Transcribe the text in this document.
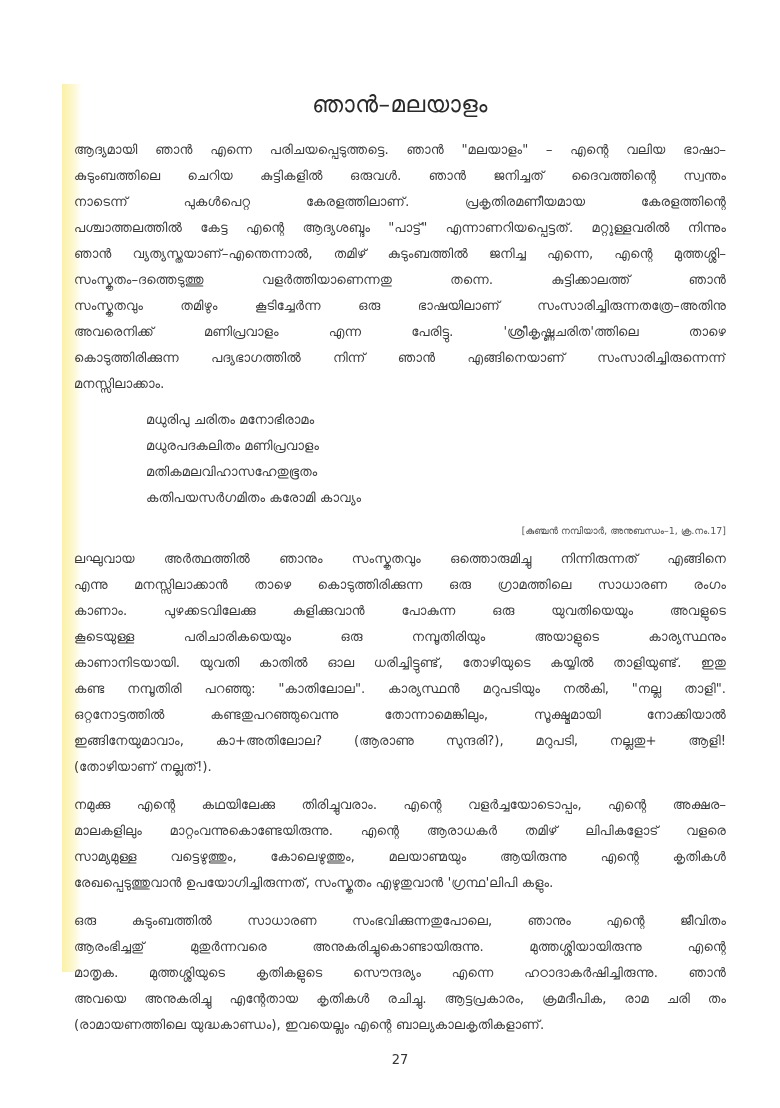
ഞാൻ–മലയാളം

ആദ്യമായി ഞാൻ എന്നെ പരിചയപ്പെടുത്തട്ടെ. ഞാൻ "മലയാളം" – എന്റെ വലിയ ഭാഷാ–
കുടുംബത്തിലെ ചെറിയ കുട്ടികളിൽ ഒരുവൾ. ഞാൻ ജനിച്ചത് ദൈവത്തിന്റെ സ്വന്തം
നാടെന്ന് പുകൾപെറ്റ കേരളത്തിലാണ്. പ്രകൃതിരമണീയമായ കേരളത്തിന്റെ
പശ്ചാത്തലത്തിൽ കേട്ട എന്റെ ആദ്യശബ്ദം "പാട്ട്" എന്നാണറിയപ്പെട്ടത്. മറ്റുള്ളവരിൽ നിന്നും
ഞാൻ വ്യത്യസ്തയാണ്–എന്തെന്നാൽ, തമിഴ് കുടുംബത്തിൽ ജനിച്ച എന്നെ, എന്റെ മുത്തശ്ശി–
സംസ്കൃതം–ദത്തെടുത്തു വളർത്തിയാണെന്നതു തന്നെ. കുട്ടിക്കാലത്ത് ഞാൻ
സംസ്കൃതവും തമിഴും കൂടിച്ചേർന്ന ഒരു ഭാഷയിലാണ് സംസാരിച്ചിരുന്നതത്രേ–അതിനു
അവരെനിക്ക് മണിപ്രവാളം എന്ന പേരിട്ടു. 'ശ്രീകൃഷ്ണചരിത'ത്തിലെ താഴെ
കൊടുത്തിരിക്കുന്ന പദ്യഭാഗത്തിൽ നിന്ന് ഞാൻ എങ്ങിനെയാണ് സംസാരിച്ചിരുന്നെന്ന്
മനസ്സിലാക്കാം.

മധുരിപു ചരിതം മനോഭിരാമം
മധുരപദകലിതം മണിപ്രവാളം
മതികമലവിഹാസഹേതുഭൂതം
കതിപയസർഗമിതം കരോമി കാവ്യം
[കുഞ്ചൻ നമ്പിയാർ, അനുബന്ധം–1, ക്ര.നം.17]

ലഘുവായ അർത്ഥത്തിൽ ഞാനും സംസ്കൃതവും ഒത്തൊരുമിച്ചു നിന്നിരുന്നത് എങ്ങിനെ
എന്നു മനസ്സിലാക്കാൻ താഴെ കൊടുത്തിരിക്കുന്ന ഒരു ഗ്രാമത്തിലെ സാധാരണ രംഗം
കാണാം. പുഴക്കടവിലേക്കു കുളിക്കുവാൻ പോകുന്ന ഒരു യുവതിയെയും അവളുടെ
കൂടെയുള്ള പരിചാരികയെയും ഒരു നമ്പൂതിരിയും അയാളുടെ കാര്യസ്ഥനും
കാണാനിടയായി. യുവതി കാതിൽ ഓല ധരിച്ചിട്ടുണ്ട്, തോഴിയുടെ കയ്യിൽ താളിയുണ്ട്. ഇതു
കണ്ട നമ്പൂതിരി പറഞ്ഞു: "കാതിലോല". കാര്യസ്ഥൻ മറുപടിയും നൽകി, "നല്ല താളി".
ഒറ്റനോട്ടത്തിൽ കണ്ടതുപറഞ്ഞുവെന്നു തോന്നാമെങ്കിലും, സൂക്ഷ്മമായി നോക്കിയാൽ
ഇങ്ങിനേയുമാവാം, കാ+അതിലോല? (ആരാണു സുന്ദരി?), മറുപടി, നല്ലതു+ ആളി!
(തോഴിയാണ് നല്ലത്!).

നമുക്കു എന്റെ കഥയിലേക്കു തിരിച്ചുവരാം. എന്റെ വളർച്ചയോടൊപ്പം, എന്റെ അക്ഷര–
മാലകളിലും മാറ്റംവന്നുകൊണ്ടേയിരുന്നു. എന്റെ ആരാധകർ തമിഴ് ലിപികളോട് വളരെ
സാമ്യമുള്ള വട്ടെഴുത്തും, കോലെഴുത്തും, മലയാണ്മയും ആയിരുന്നു എന്റെ കൃതികൾ
രേഖപ്പെടുത്തുവാൻ ഉപയോഗിച്ചിരുന്നത്, സംസ്കൃതം എഴുതുവാൻ 'ഗ്രന്ഥ'ലിപി കളും.

ഒരു കുടുംബത്തിൽ സാധാരണ സംഭവിക്കുന്നതുപോലെ, ഞാനും എന്റെ ജീവിതം
ആരംഭിച്ചതു് മുതുർന്നവരെ അനുകരിച്ചുകൊണ്ടായിരുന്നു. മുത്തശ്ശിയായിരുന്നു എന്റെ
മാതൃക. മുത്തശ്ശിയുടെ കൃതികളുടെ സൌന്ദര്യം എന്നെ ഹഠാദാകർഷിച്ചിരുന്നു. ഞാൻ
അവയെ അനുകരിച്ചു എന്റേതായ കൃതികൾ രചിച്ചു. ആട്ടപ്രകാരം, ക്രമദീപിക, രാമ ചരി തം
(രാമായണത്തിലെ യുദ്ധകാണ്ഡം), ഇവയെല്ലം എന്റെ ബാല്യകാലകൃതികളാണ്.

27
